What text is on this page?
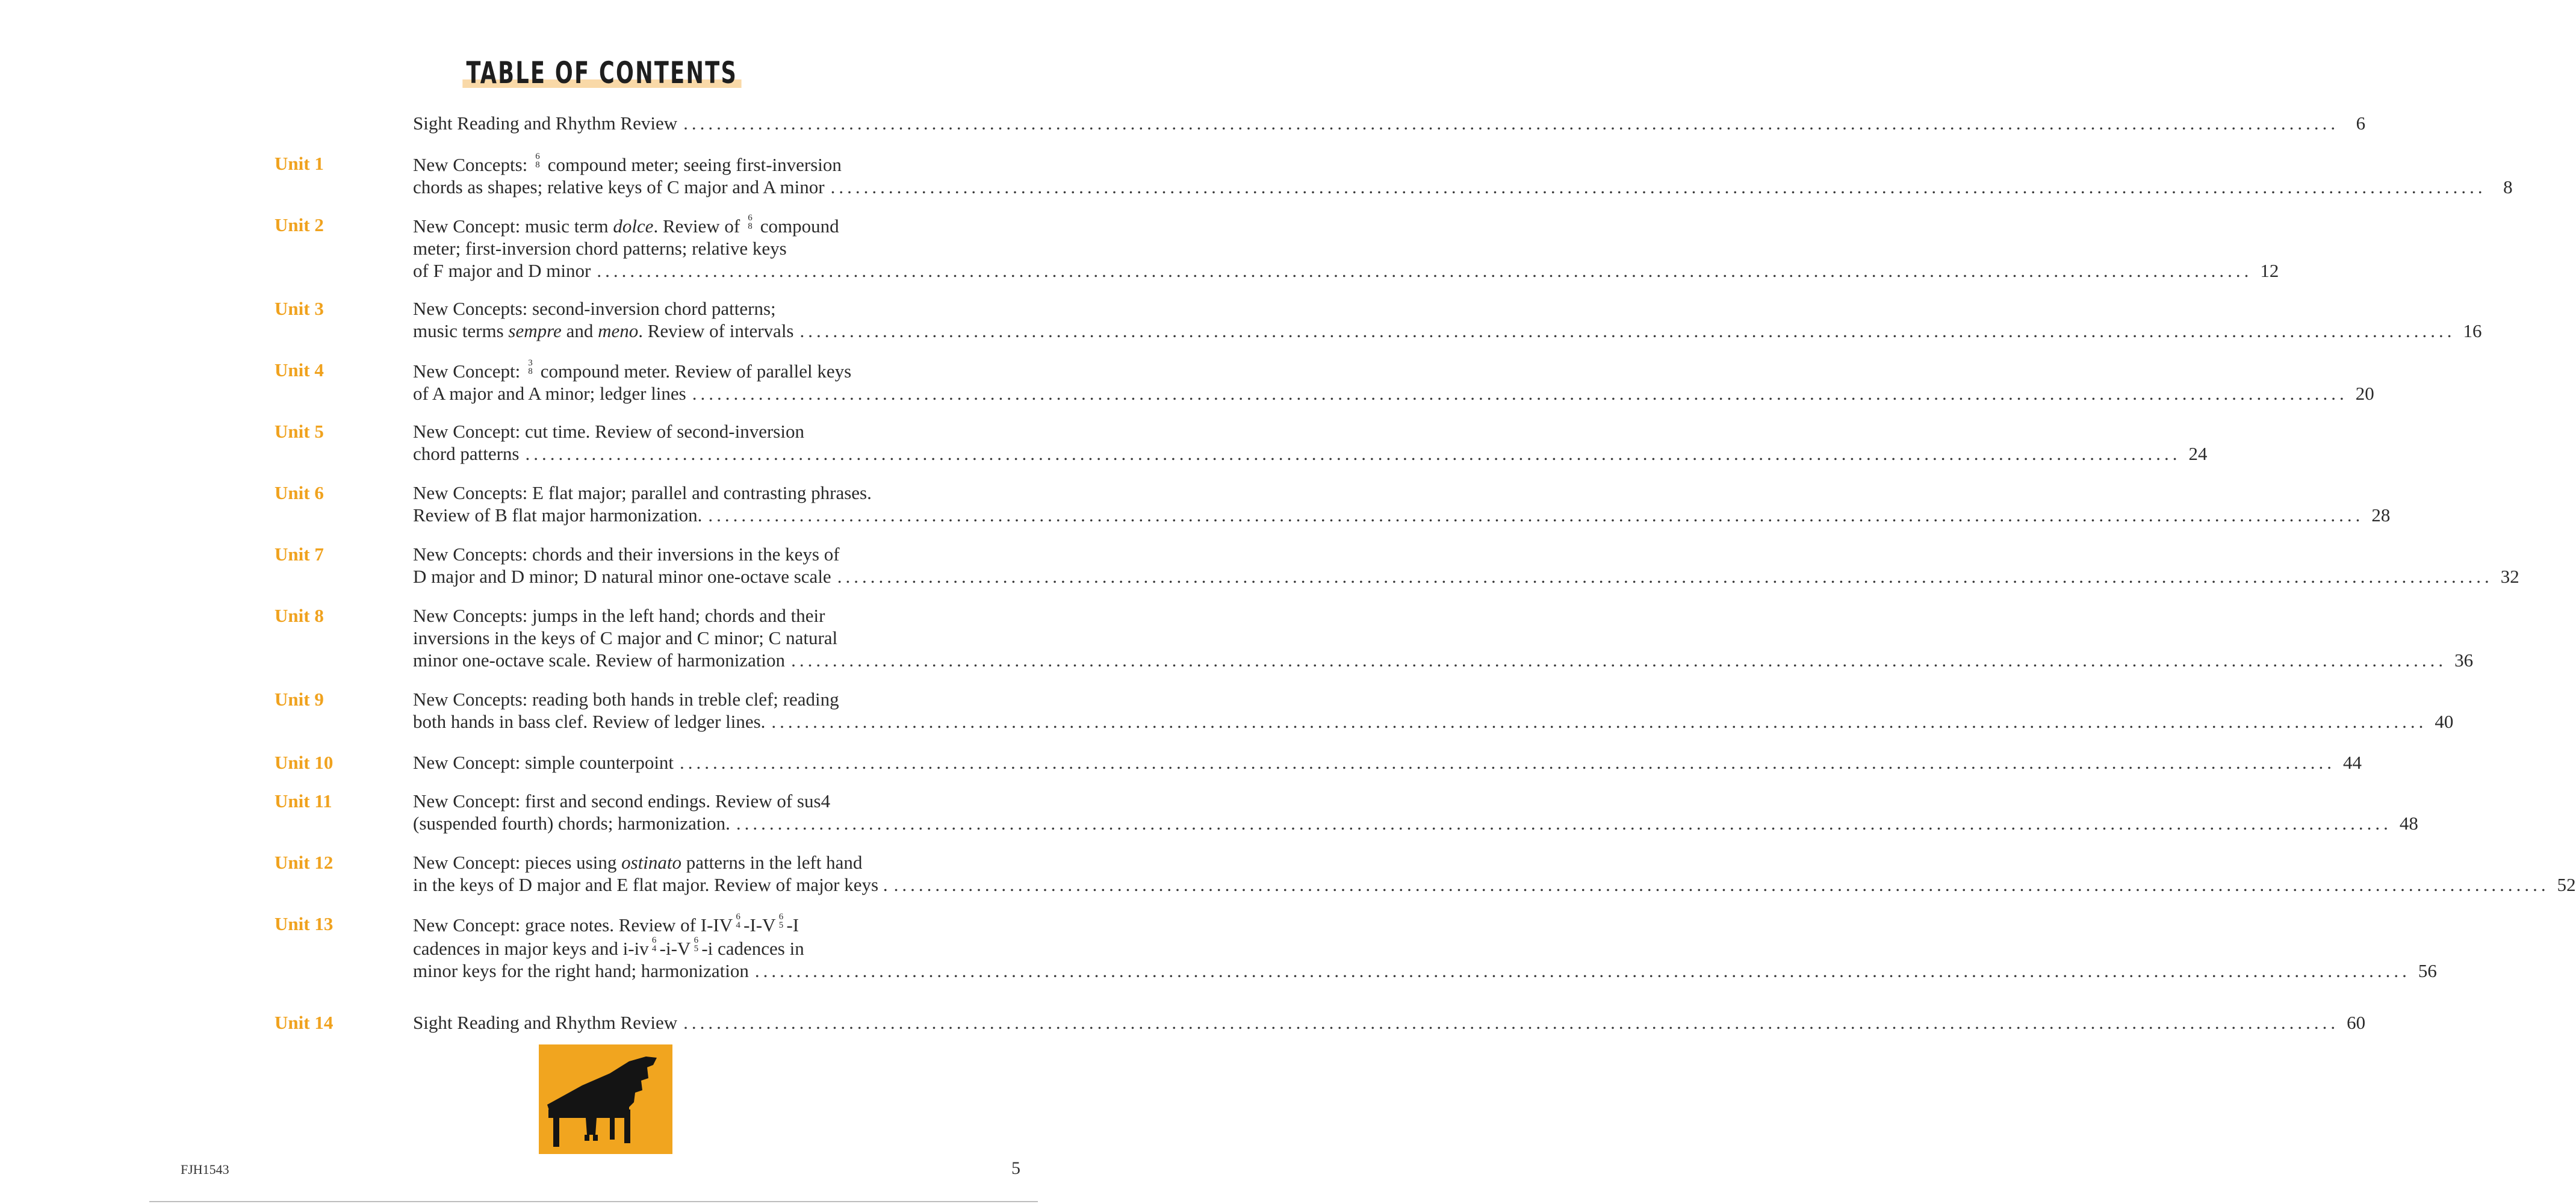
TABLE OF CONTENTS
Sight Reading and Rhythm Review ........................................................................................................................................................................................................ 6
Unit 1	New Concepts: 6
8 compound meter; seeing first-inversion
chords as shapes; relative keys of C major and A minor ........................................................................................................................................................................................................ 8
Unit 2	New Concept: music term dolce. Review of 6
8 compound
meter; first-inversion chord patterns; relative keys
of F major and D minor ........................................................................................................................................................................................................ 12
Unit 3	New Concepts: second-inversion chord patterns;
music terms sempre and meno. Review of intervals ........................................................................................................................................................................................................ 16
Unit 4	New Concept: 3
8 compound meter. Review of parallel keys
of A major and A minor; ledger lines ........................................................................................................................................................................................................ 20
Unit 5	New Concept: cut time. Review of second-inversion
chord patterns ........................................................................................................................................................................................................ 24
Unit 6	New Concepts: E flat major; parallel and contrasting phrases.
Review of B flat major harmonization. ........................................................................................................................................................................................................ 28
Unit 7	New Concepts: chords and their inversions in the keys of
D major and D minor; D natural minor one-octave scale ........................................................................................................................................................................................................ 32
Unit 8	New Concepts: jumps in the left hand; chords and their
inversions in the keys of C major and C minor; C natural
minor one-octave scale. Review of harmonization ........................................................................................................................................................................................................ 36
Unit 9	New Concepts: reading both hands in treble clef; reading
both hands in bass clef. Review of ledger lines. ........................................................................................................................................................................................................ 40
Unit 10	New Concept: simple counterpoint ........................................................................................................................................................................................................ 44
Unit 11	New Concept: first and second endings. Review of sus4
(suspended fourth) chords; harmonization. ........................................................................................................................................................................................................ 48
Unit 12	New Concept: pieces using ostinato patterns in the left hand
in the keys of D major and E flat major. Review of major keys . ........................................................................................................................................................................................................ 52
Unit 13	New Concept: grace notes. Review of I-IV 6
4 -I-V 6
5 -I
cadences in major keys and i-iv 6
4 -i-V 6
5 -i cadences in
minor keys for the right hand; harmonization ........................................................................................................................................................................................................ 56
Unit 14	Sight Reading and Rhythm Review ........................................................................................................................................................................................................ 60
FJH1543	5
